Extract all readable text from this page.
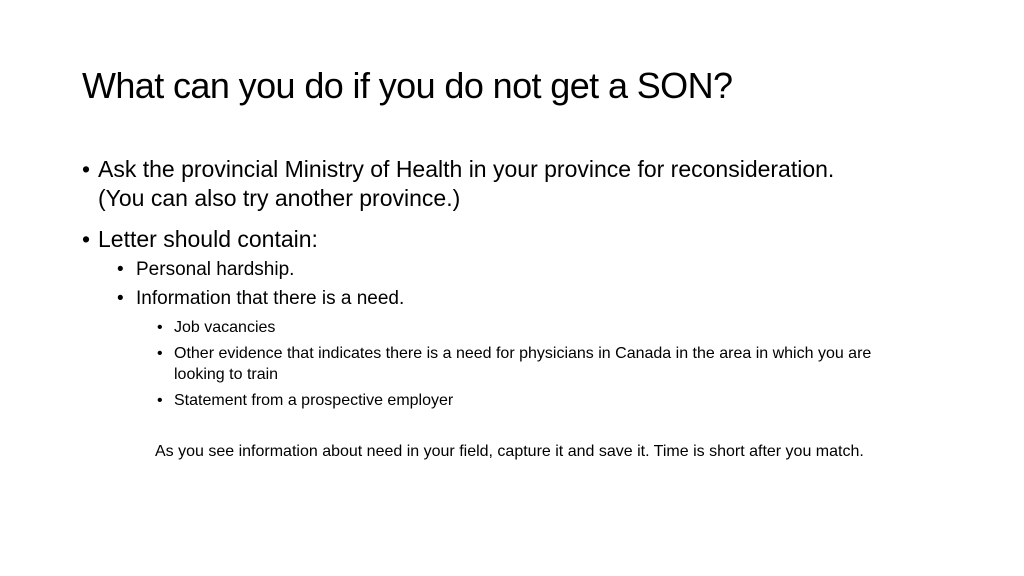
What can you do if you do not get a SON?
• Ask the provincial Ministry of Health in your province for reconsideration. (You can also try another province.)
• Letter should contain:
• Personal hardship.
• Information that there is a need.
• Job vacancies
• Other evidence that indicates there is a need for physicians in Canada in the area in which you are looking to train
• Statement from a prospective employer

As you see information about need in your field, capture it and save it. Time is short after you match.
